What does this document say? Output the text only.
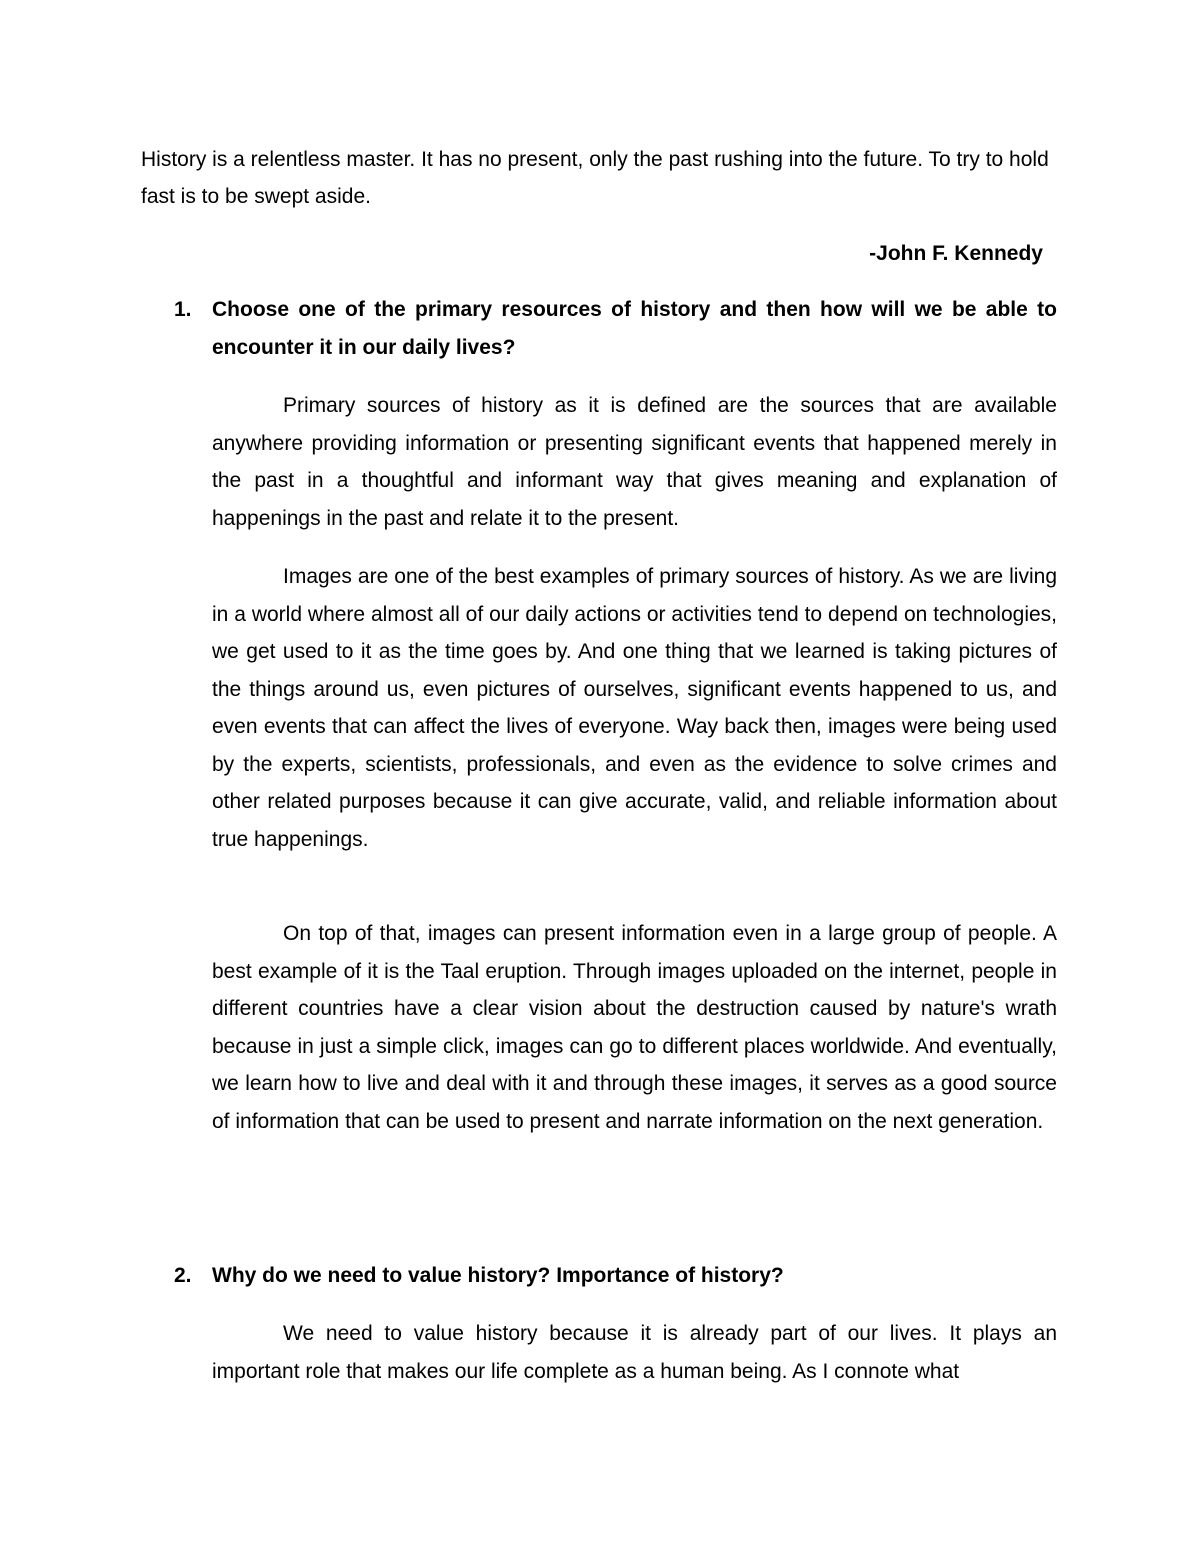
History is a relentless master. It has no present, only the past rushing into the future. To try to hold fast is to be swept aside.

-John F. Kennedy

1. Choose one of the primary resources of history and then how will we be able to encounter it in our daily lives?

Primary sources of history as it is defined are the sources that are available anywhere providing information or presenting significant events that happened merely in the past in a thoughtful and informant way that gives meaning and explanation of happenings in the past and relate it to the present.

Images are one of the best examples of primary sources of history. As we are living in a world where almost all of our daily actions or activities tend to depend on technologies, we get used to it as the time goes by. And one thing that we learned is taking pictures of the things around us, even pictures of ourselves, significant events happened to us, and even events that can affect the lives of everyone. Way back then, images were being used by the experts, scientists, professionals, and even as the evidence to solve crimes and other related purposes because it can give accurate, valid, and reliable information about true happenings.

On top of that, images can present information even in a large group of people. A best example of it is the Taal eruption. Through images uploaded on the internet, people in different countries have a clear vision about the destruction caused by nature's wrath because in just a simple click, images can go to different places worldwide. And eventually, we learn how to live and deal with it and through these images, it serves as a good source of information that can be used to present and narrate information on the next generation.

2. Why do we need to value history? Importance of history?

We need to value history because it is already part of our lives. It plays an important role that makes our life complete as a human being. As I connote what
